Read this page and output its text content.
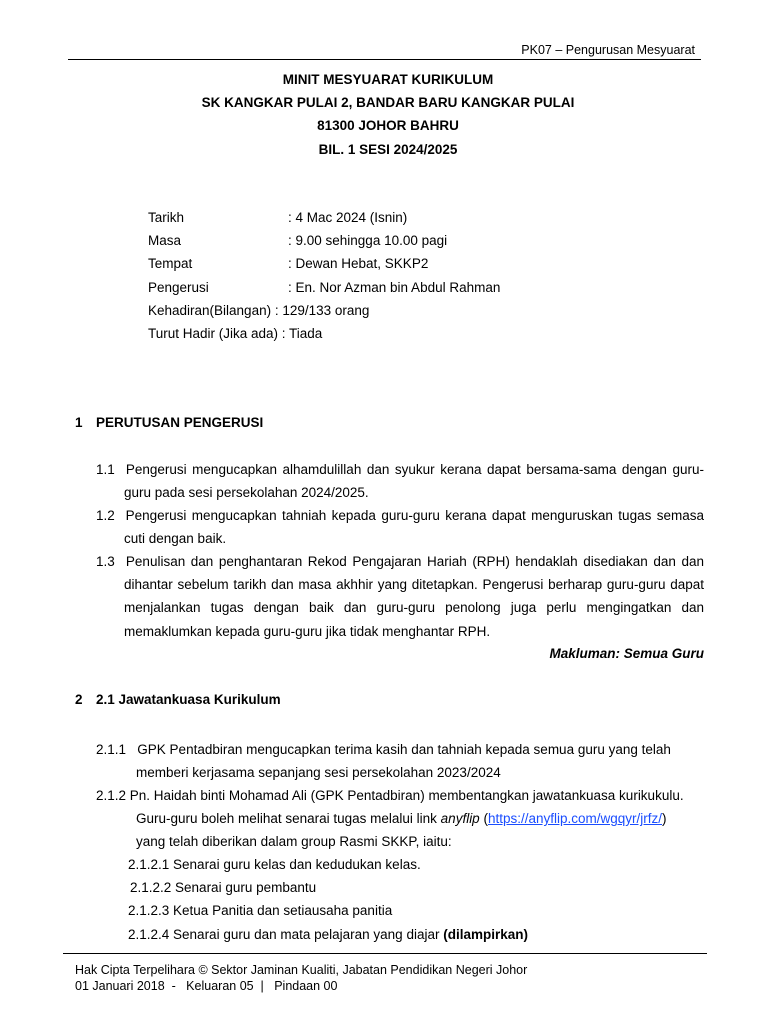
PK07 – Pengurusan Mesyuarat
MINIT MESYUARAT KURIKULUM
SK KANGKAR PULAI 2, BANDAR BARU KANGKAR PULAI
81300 JOHOR BAHRU
BIL. 1 SESI 2024/2025
Tarikh	: 4 Mac 2024 (Isnin)
Masa	: 9.00 sehingga 10.00 pagi
Tempat	: Dewan Hebat, SKKP2
Pengerusi	: En. Nor Azman bin Abdul Rahman
Kehadiran(Bilangan) : 129/133 orang
Turut Hadir (Jika ada) : Tiada
1 PERUTUSAN PENGERUSI
1.1 Pengerusi mengucapkan alhamdulillah dan syukur kerana dapat bersama-sama dengan guru-guru pada sesi persekolahan 2024/2025.
1.2 Pengerusi mengucapkan tahniah kepada guru-guru kerana dapat menguruskan tugas semasa cuti dengan baik.
1.3 Penulisan dan penghantaran Rekod Pengajaran Hariah (RPH) hendaklah disediakan dan dan dihantar sebelum tarikh dan masa akhhir yang ditetapkan. Pengerusi berharap guru-guru dapat menjalankan tugas dengan baik dan guru-guru penolong juga perlu mengingatkan dan memaklumkan kepada guru-guru jika tidak menghantar RPH.
Makluman: Semua Guru
2 2.1 Jawatankuasa Kurikulum
2.1.1 GPK Pentadbiran mengucapkan terima kasih dan tahniah kepada semua guru yang telah
memberi kerjasama sepanjang sesi persekolahan 2023/2024
2.1.2 Pn. Haidah binti Mohamad Ali (GPK Pentadbiran) membentangkan jawatankuasa kurikukulu.
Guru-guru boleh melihat senarai tugas melalui link anyflip (https://anyflip.com/wgqyr/jrfz/)
yang telah diberikan dalam group Rasmi SKKP, iaitu:
2.1.2.1 Senarai guru kelas dan kedudukan kelas.
2.1.2.2 Senarai guru pembantu
2.1.2.3 Ketua Panitia dan setiausaha panitia
2.1.2.4 Senarai guru dan mata pelajaran yang diajar (dilampirkan)
Hak Cipta Terpelihara © Sektor Jaminan Kualiti, Jabatan Pendidikan Negeri Johor
01 Januari 2018  -   Keluaran 05  |   Pindaan 00
